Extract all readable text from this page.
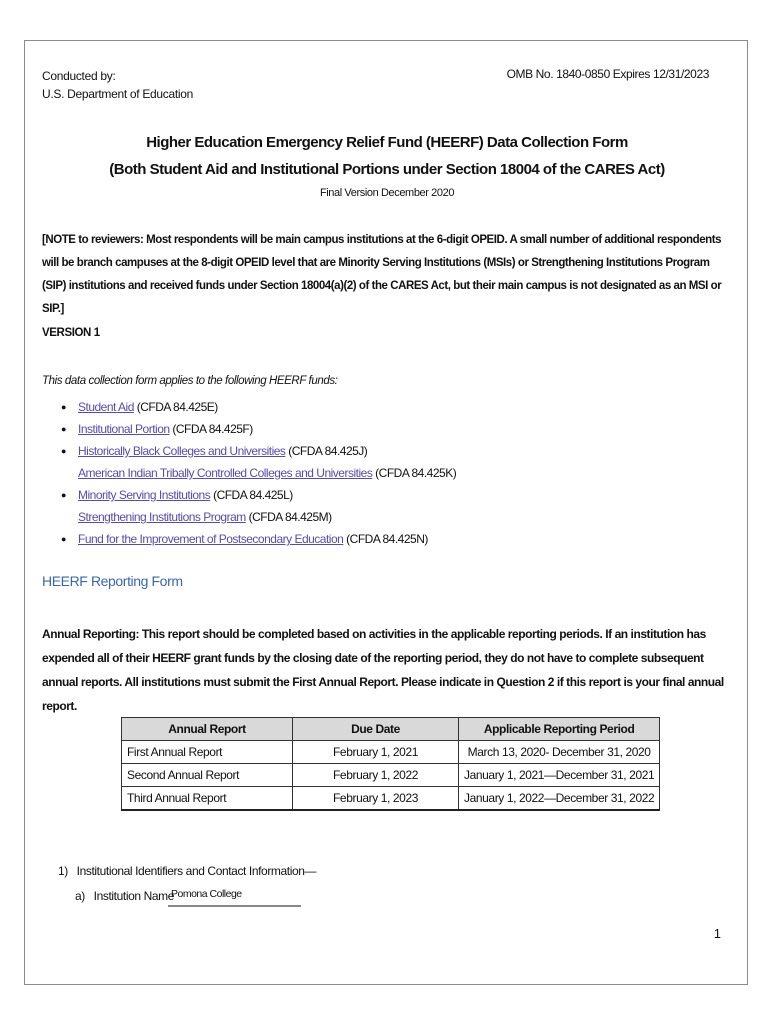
Conducted by:
U.S. Department of Education
OMB No. 1840-0850 Expires 12/31/2023
Higher Education Emergency Relief Fund (HEERF) Data Collection Form
(Both Student Aid and Institutional Portions under Section 18004 of the CARES Act)
Final Version December 2020
[NOTE to reviewers: Most respondents will be main campus institutions at the 6-digit OPEID. A small number of additional respondents will be branch campuses at the 8-digit OPEID level that are Minority Serving Institutions (MSIs) or Strengthening Institutions Program (SIP) institutions and received funds under Section 18004(a)(2) of the CARES Act, but their main campus is not designated as an MSI or SIP.]
VERSION 1
This data collection form applies to the following HEERF funds:
● Student Aid (CFDA 84.425E)
● Institutional Portion (CFDA 84.425F)
● Historically Black Colleges and Universities (CFDA 84.425J)
American Indian Tribally Controlled Colleges and Universities (CFDA 84.425K)
● Minority Serving Institutions (CFDA 84.425L)
Strengthening Institutions Program (CFDA 84.425M)
● Fund for the Improvement of Postsecondary Education (CFDA 84.425N)
HEERF Reporting Form
Annual Reporting: This report should be completed based on activities in the applicable reporting periods. If an institution has expended all of their HEERF grant funds by the closing date of the reporting period, they do not have to complete subsequent annual reports. All institutions must submit the First Annual Report. Please indicate in Question 2 if this report is your final annual report.
Annual Report	Due Date	Applicable Reporting Period
First Annual Report	February 1, 2021	March 13, 2020- December 31, 2020
Second Annual Report	February 1, 2022	January 1, 2021—December 31, 2021
Third Annual Report	February 1, 2023	January 1, 2022—December 31, 2022
1)   Institutional Identifiers and Contact Information—
a)   Institution Name
Pomona College
1
